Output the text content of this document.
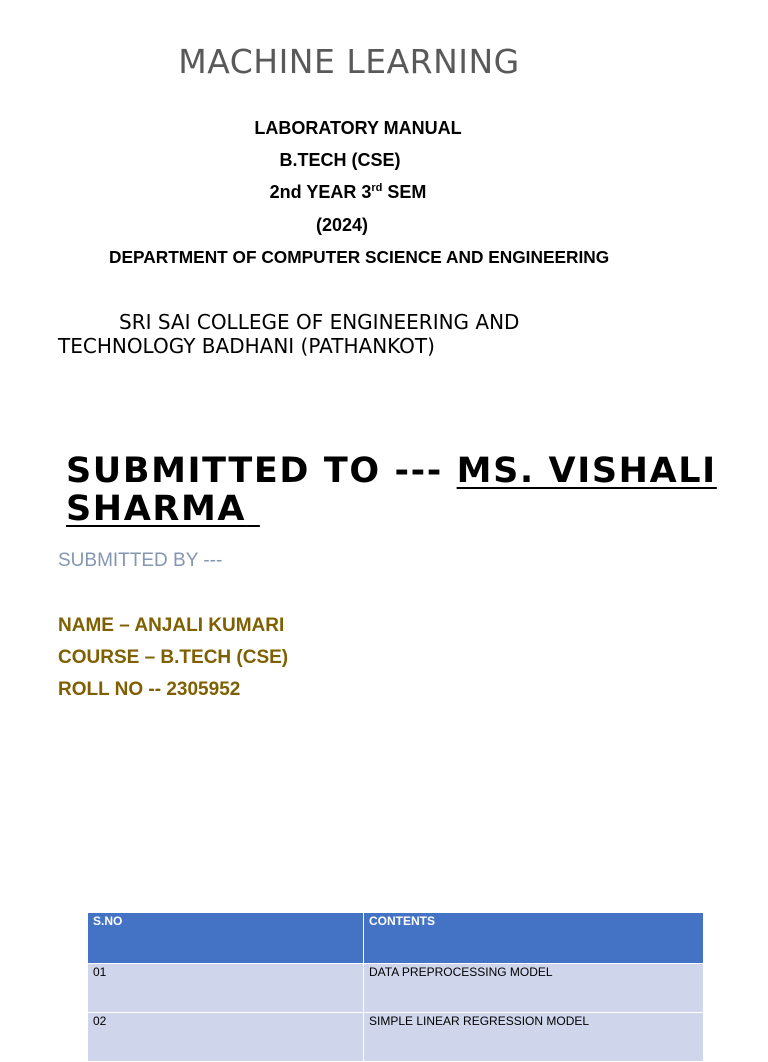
MACHINE LEARNING
LABORATORY MANUAL
B.TECH (CSE)
2nd YEAR 3rd SEM
(2024)
DEPARTMENT OF COMPUTER SCIENCE AND ENGINEERING
SRI SAI COLLEGE OF ENGINEERING AND
TECHNOLOGY BADHANI (PATHANKOT)
SUBMITTED TO --- MS. VISHALI
SHARMA
SUBMITTED BY ---
NAME – ANJALI KUMARI
COURSE – B.TECH (CSE)
ROLL NO -- 2305952
S.NO	CONTENTS
01	DATA PREPROCESSING MODEL
02	SIMPLE LINEAR REGRESSION MODEL
